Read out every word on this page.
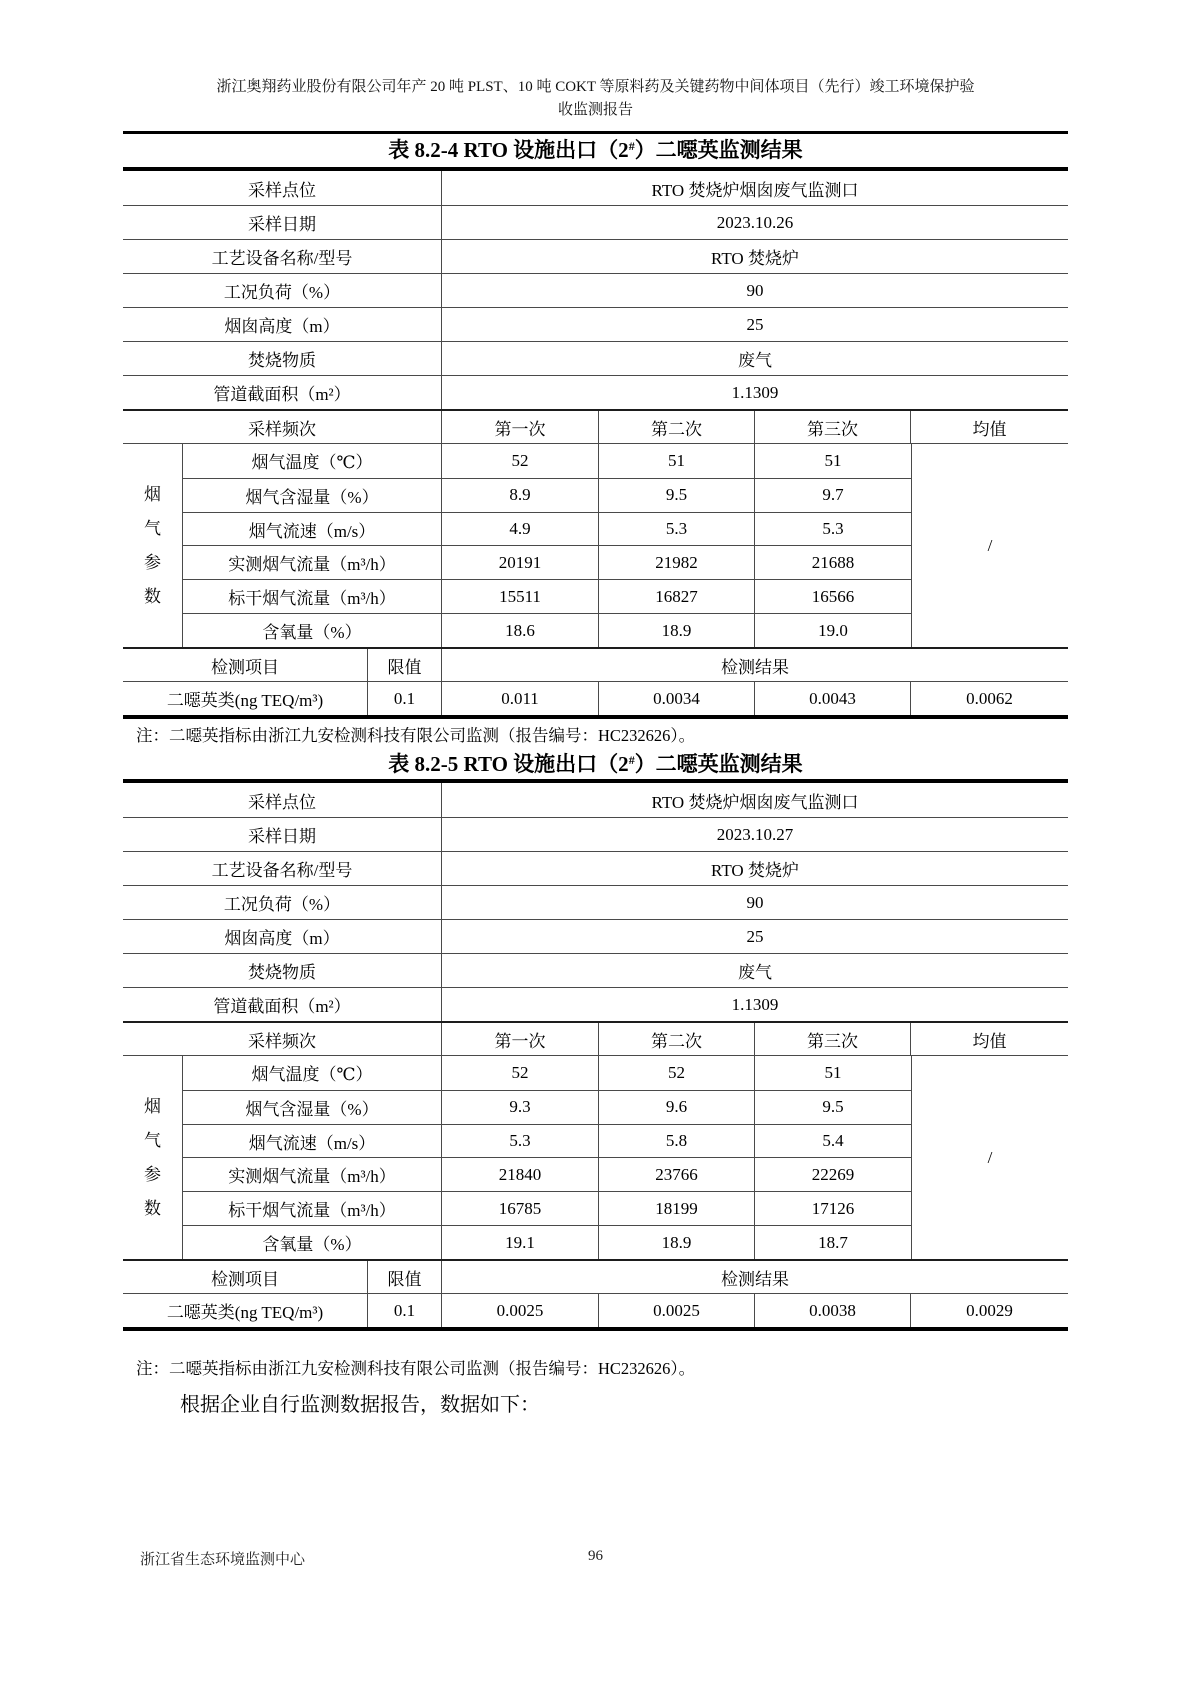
浙江奥翔药业股份有限公司年产 20 吨 PLST、10 吨 COKT 等原料药及关键药物中间体项目（先行）竣工环境保护验
收监测报告
表 8.2-4 RTO 设施出口（2#）二噁英监测结果
采样点位	RTO 焚烧炉烟囱废气监测口
采样日期	2023.10.26
工艺设备名称/型号	RTO 焚烧炉
工况负荷（%）	90
烟囱高度（m）	25
焚烧物质	废气
管道截面积（m²）	1.1309
采样频次	第一次	第二次	第三次	均值
烟
气
参
数
烟气温度（℃）	52	51	51
烟气含湿量（%）	8.9	9.5	9.7
烟气流速（m/s）	4.9	5.3	5.3
实测烟气流量（m³/h）	20191	21982	21688
标干烟气流量（m³/h）	15511	16827	16566
含氧量（%）	18.6	18.9	19.0
/
检测项目	限值	检测结果
二噁英类(ng TEQ/m³)	0.1	0.011	0.0034	0.0043	0.0062
注：二噁英指标由浙江九安检测科技有限公司监测（报告编号：HC232626）。
表 8.2-5 RTO 设施出口（2#）二噁英监测结果
采样点位	RTO 焚烧炉烟囱废气监测口
采样日期	2023.10.27
工艺设备名称/型号	RTO 焚烧炉
工况负荷（%）	90
烟囱高度（m）	25
焚烧物质	废气
管道截面积（m²）	1.1309
采样频次	第一次	第二次	第三次	均值
烟
气
参
数
烟气温度（℃）	52	52	51
烟气含湿量（%）	9.3	9.6	9.5
烟气流速（m/s）	5.3	5.8	5.4
实测烟气流量（m³/h）	21840	23766	22269
标干烟气流量（m³/h）	16785	18199	17126
含氧量（%）	19.1	18.9	18.7
/
检测项目	限值	检测结果
二噁英类(ng TEQ/m³)	0.1	0.0025	0.0025	0.0038	0.0029
注：二噁英指标由浙江九安检测科技有限公司监测（报告编号：HC232626）。
根据企业自行监测数据报告，数据如下：
浙江省生态环境监测中心	96
